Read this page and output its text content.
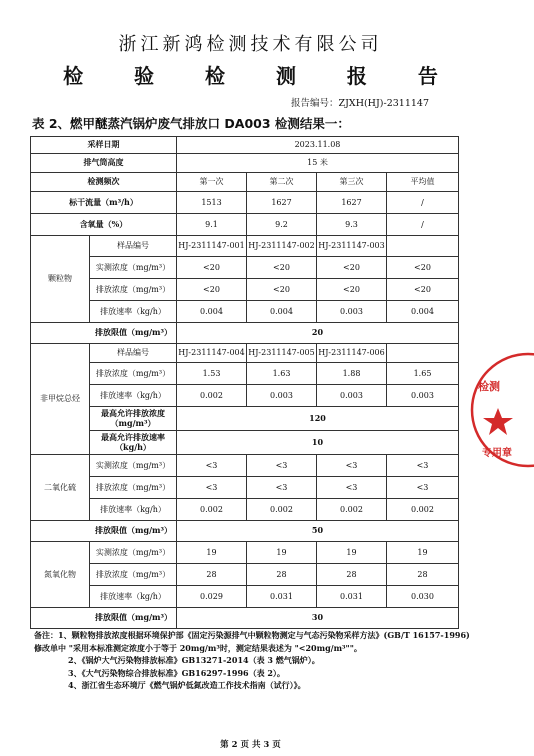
浙江新鸿检测技术有限公司
检 验 检 测 报 告
报告编号：ZJXH(HJ)-2311147
表 2、燃甲醚蒸汽锅炉废气排放口 DA003 检测结果一：
采样日期		2023.11.08			
排气筒高度		15 米			
检测频次		第一次	第二次	第三次	平均值
标干流量（m³/h）		1513	1627	1627	/
含氧量（%）		9.1	9.2	9.3	/
颗粒物	样品编号	HJ-2311147-001	HJ-2311147-002	HJ-2311147-003	
	实测浓度（mg/m³）	<20	<20	<20	<20
	排放浓度（mg/m³）	<20	<20	<20	<20
	排放速率（kg/h）	0.004	0.004	0.003	0.004
排放限值（mg/m³）		20			
非甲烷总烃	样品编号	HJ-2311147-004	HJ-2311147-005	HJ-2311147-006	
	排放浓度（mg/m³）	1.53	1.63	1.88	1.65
	排放速率（kg/h）	0.002	0.003	0.003	0.003
	最高允许排放浓度（mg/m³）	120			
	最高允许排放速率（kg/h）	10			
二氧化硫	实测浓度（mg/m³）	<3	<3	<3	<3
	排放浓度（mg/m³）	<3	<3	<3	<3
	排放速率（kg/h）	0.002	0.002	0.002	0.002
排放限值（mg/m³）		50			
氮氧化物	实测浓度（mg/m³）	19	19	19	19
	排放浓度（mg/m³）	28	28	28	28
	排放速率（kg/h）	0.029	0.031	0.031	0.030
排放限值（mg/m³）		30			
备注：1、颗粒物排放浓度根据环境保护部《固定污染源排气中颗粒物测定与气态污染物采样方法》(GB/T 16157-1996)
修改单中 "采用本标准测定浓度小于等于 20mg/m³时，测定结果表述为 "<20mg/m³""。
2、《锅炉大气污染物排放标准》GB13271-2014（表 3 燃气锅炉）。
3、《大气污染物综合排放标准》GB16297-1996（表 2）。
4、浙江省生态环境厅《燃气锅炉低氮改造工作技术指南（试行）》。
第 2 页 共 3 页
检测
专用章
